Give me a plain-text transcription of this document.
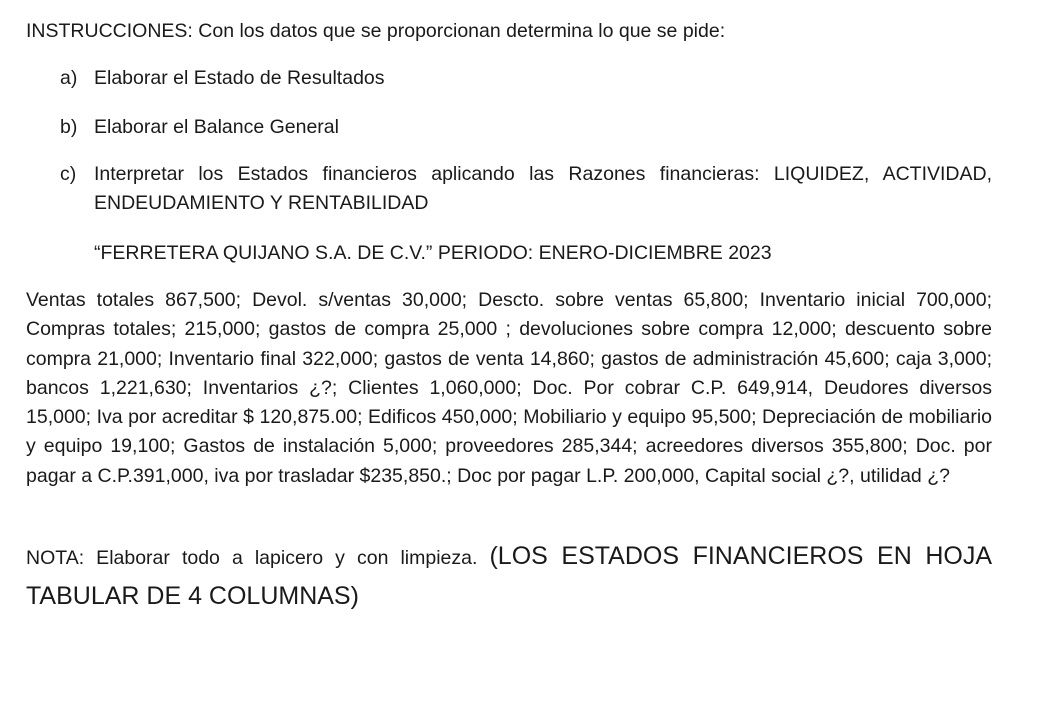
INSTRUCCIONES: Con los datos que se proporcionan determina lo que se pide:
a) Elaborar el Estado de Resultados
b) Elaborar el Balance General
c) Interpretar los Estados financieros aplicando las Razones financieras: LIQUIDEZ, ACTIVIDAD, ENDEUDAMIENTO Y RENTABILIDAD
“FERRETERA QUIJANO S.A. DE C.V.” PERIODO: ENERO-DICIEMBRE 2023

Ventas totales 867,500; Devol. s/ventas 30,000; Descto. sobre ventas 65,800; Inventario inicial 700,000; Compras totales; 215,000; gastos de compra 25,000 ; devoluciones sobre compra 12,000; descuento sobre compra 21,000; Inventario final 322,000; gastos de venta 14,860; gastos de administración 45,600; caja 3,000; bancos 1,221,630; Inventarios ¿?; Clientes 1,060,000; Doc. Por cobrar C.P. 649,914, Deudores diversos 15,000; Iva por acreditar $ 120,875.00; Edificos 450,000; Mobiliario y equipo 95,500; Depreciación de mobiliario y equipo 19,100; Gastos de instalación 5,000; proveedores 285,344; acreedores diversos 355,800; Doc. por pagar a C.P.391,000, iva por trasladar $235,850.; Doc por pagar L.P. 200,000, Capital social ¿?, utilidad ¿?

NOTA: Elaborar todo a lapicero y con limpieza. (LOS ESTADOS FINANCIEROS EN HOJA TABULAR DE 4 COLUMNAS)
